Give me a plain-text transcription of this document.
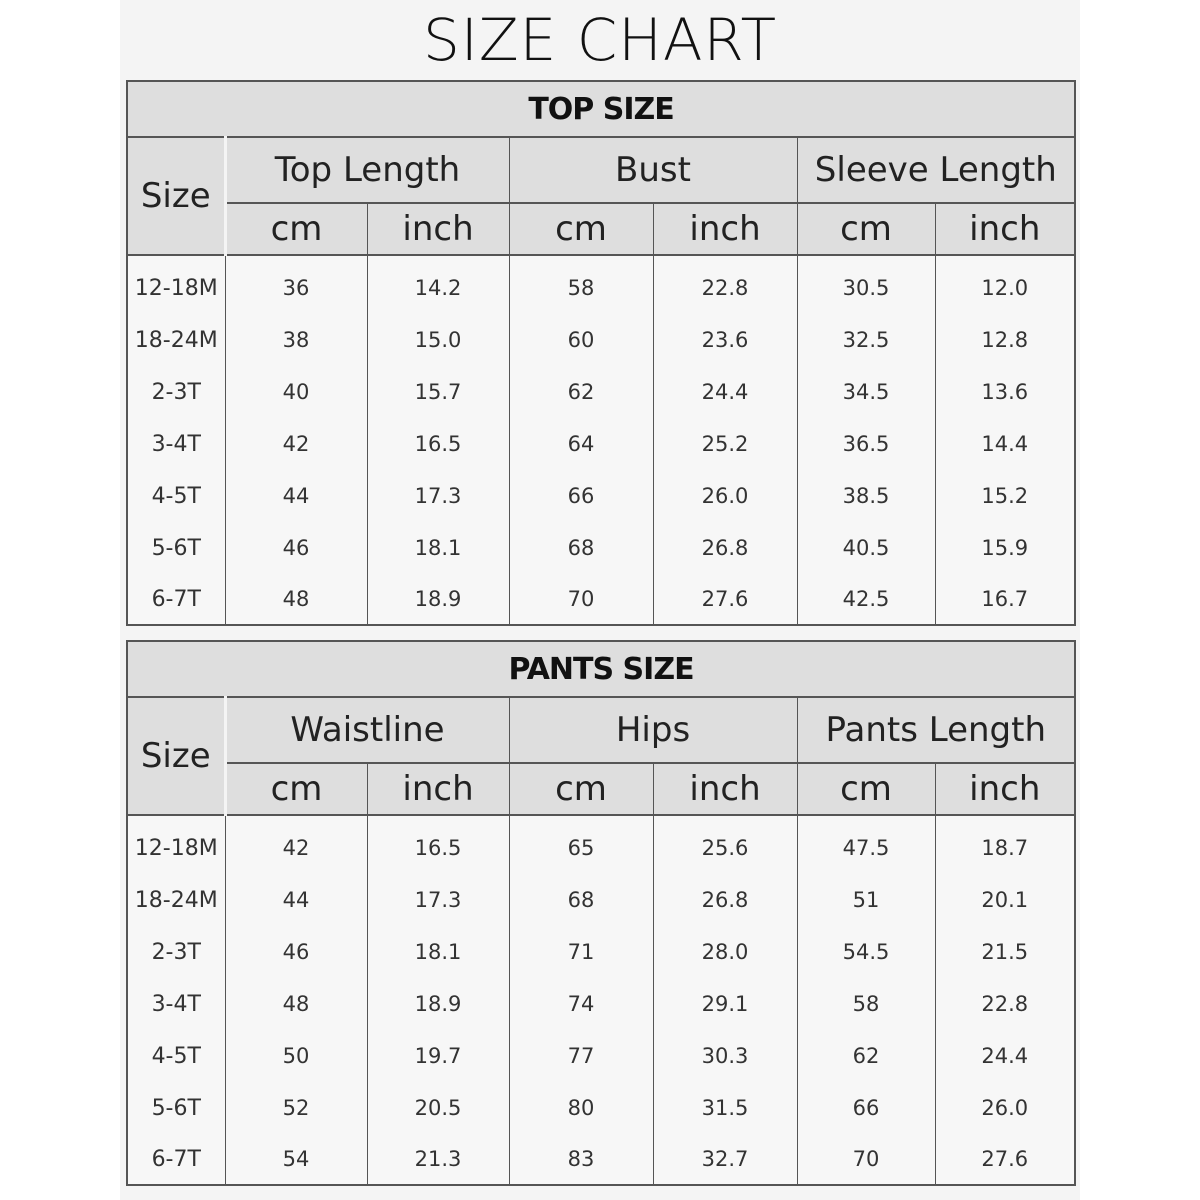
SIZE CHART
TOP SIZE						
Size	Top Length		Bust		Sleeve Length	
	cm	inch	cm	inch	cm	inch
12-18M	36	14.2	58	22.8	30.5	12.0
18-24M	38	15.0	60	23.6	32.5	12.8
2-3T	40	15.7	62	24.4	34.5	13.6
3-4T	42	16.5	64	25.2	36.5	14.4
4-5T	44	17.3	66	26.0	38.5	15.2
5-6T	46	18.1	68	26.8	40.5	15.9
6-7T	48	18.9	70	27.6	42.5	16.7
PANTS SIZE						
Size	Waistline		Hips		Pants Length	
	cm	inch	cm	inch	cm	inch
12-18M	42	16.5	65	25.6	47.5	18.7
18-24M	44	17.3	68	26.8	51	20.1
2-3T	46	18.1	71	28.0	54.5	21.5
3-4T	48	18.9	74	29.1	58	22.8
4-5T	50	19.7	77	30.3	62	24.4
5-6T	52	20.5	80	31.5	66	26.0
6-7T	54	21.3	83	32.7	70	27.6
